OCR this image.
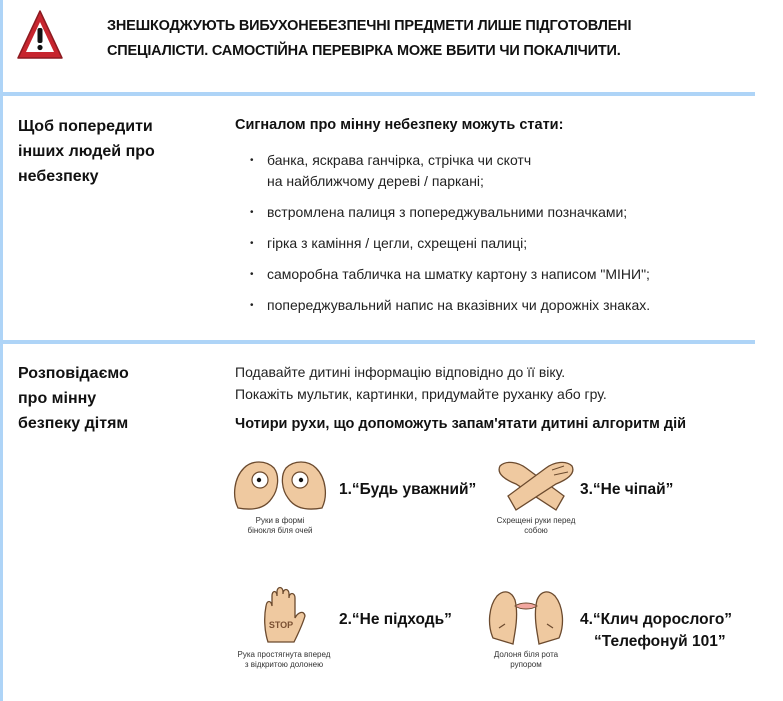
ЗНЕШКОДЖУЮТЬ ВИБУХОНЕБЕЗПЕЧНІ ПРЕДМЕТИ ЛИШЕ ПІДГОТОВЛЕНІ
СПЕЦІАЛІСТИ. САМОСТІЙНА ПЕРЕВІРКА МОЖЕ ВБИТИ ЧИ ПОКАЛІЧИТИ.
Щоб попередити
інших людей про
небезпеку
Сигналом про мінну небезпеку можуть стати:
• банка, яскрава ганчірка, стрічка чи скотч
на найближчому дереві / паркані;
• встромлена палиця з попереджувальними позначками;
• гірка з каміння / цегли, схрещені палиці;
• саморобна табличка на шматку картону з написом "МІНИ";
• попереджувальний напис на вказівних чи дорожніх знаках.
Розповідаємо
про мінну
безпеку дітям
Подавайте дитині інформацію відповідно до її віку.
Покажіть мультик, картинки, придумайте руханку або гру.
Чотири рухи, що допоможуть запам'ятати дитині алгоритм дій
Руки в формі
бінокля біля очей
1.“Будь уважний”
Схрещені руки перед
собою
3.“Не чіпай”
STOP
Рука простягнута вперед
з відкритою долонею
2.“Не підходь”
Долоня біля рота
рупором
4.“Клич дорослого”
“Телефонуй 101”
